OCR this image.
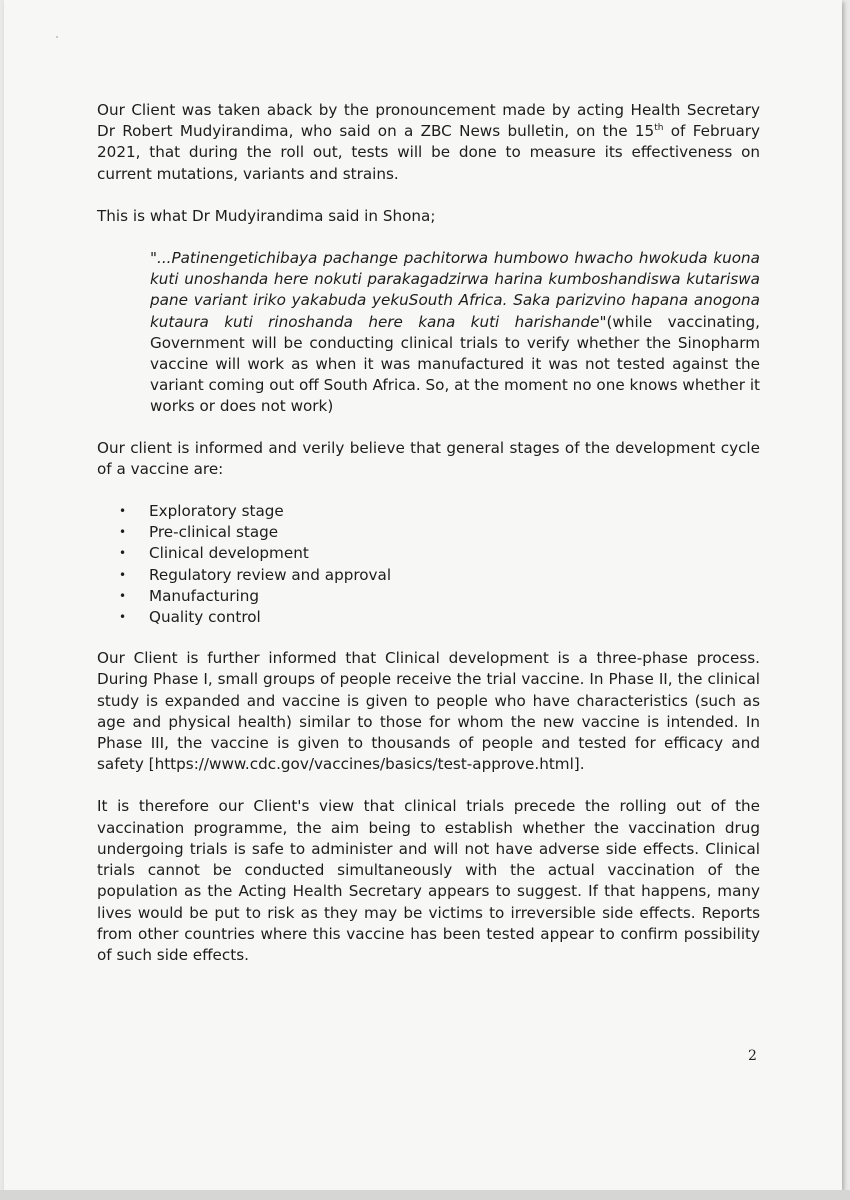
Our Client was taken aback by the pronouncement made by acting Health Secretary Dr Robert Mudyirandima, who said on a ZBC News bulletin, on the 15th of February 2021, that during the roll out, tests will be done to measure its effectiveness on current mutations, variants and strains.

This is what Dr Mudyirandima said in Shona;

"...Patinengetichibaya pachange pachitorwa humbowo hwacho hwokuda kuona kuti unoshanda here nokuti parakagadzirwa harina kumboshandiswa kutariswa pane variant iriko yakabuda yekuSouth Africa. Saka parizvino hapana anogona kutaura kuti rinoshanda here kana kuti harishande"(while vaccinating, Government will be conducting clinical trials to verify whether the Sinopharm vaccine will work as when it was manufactured it was not tested against the variant coming out off South Africa. So, at the moment no one knows whether it works or does not work)

Our client is informed and verily believe that general stages of the development cycle of a vaccine are:

• Exploratory stage
• Pre-clinical stage
• Clinical development
• Regulatory review and approval
• Manufacturing
• Quality control

Our Client is further informed that Clinical development is a three-phase process. During Phase I, small groups of people receive the trial vaccine. In Phase II, the clinical study is expanded and vaccine is given to people who have characteristics (such as age and physical health) similar to those for whom the new vaccine is intended. In Phase III, the vaccine is given to thousands of people and tested for efficacy and safety [https://www.cdc.gov/vaccines/basics/test-approve.html].

It is therefore our Client's view that clinical trials precede the rolling out of the vaccination programme, the aim being to establish whether the vaccination drug undergoing trials is safe to administer and will not have adverse side effects. Clinical trials cannot be conducted simultaneously with the actual vaccination of the population as the Acting Health Secretary appears to suggest. If that happens, many lives would be put to risk as they may be victims to irreversible side effects. Reports from other countries where this vaccine has been tested appear to confirm possibility of such side effects.

2
